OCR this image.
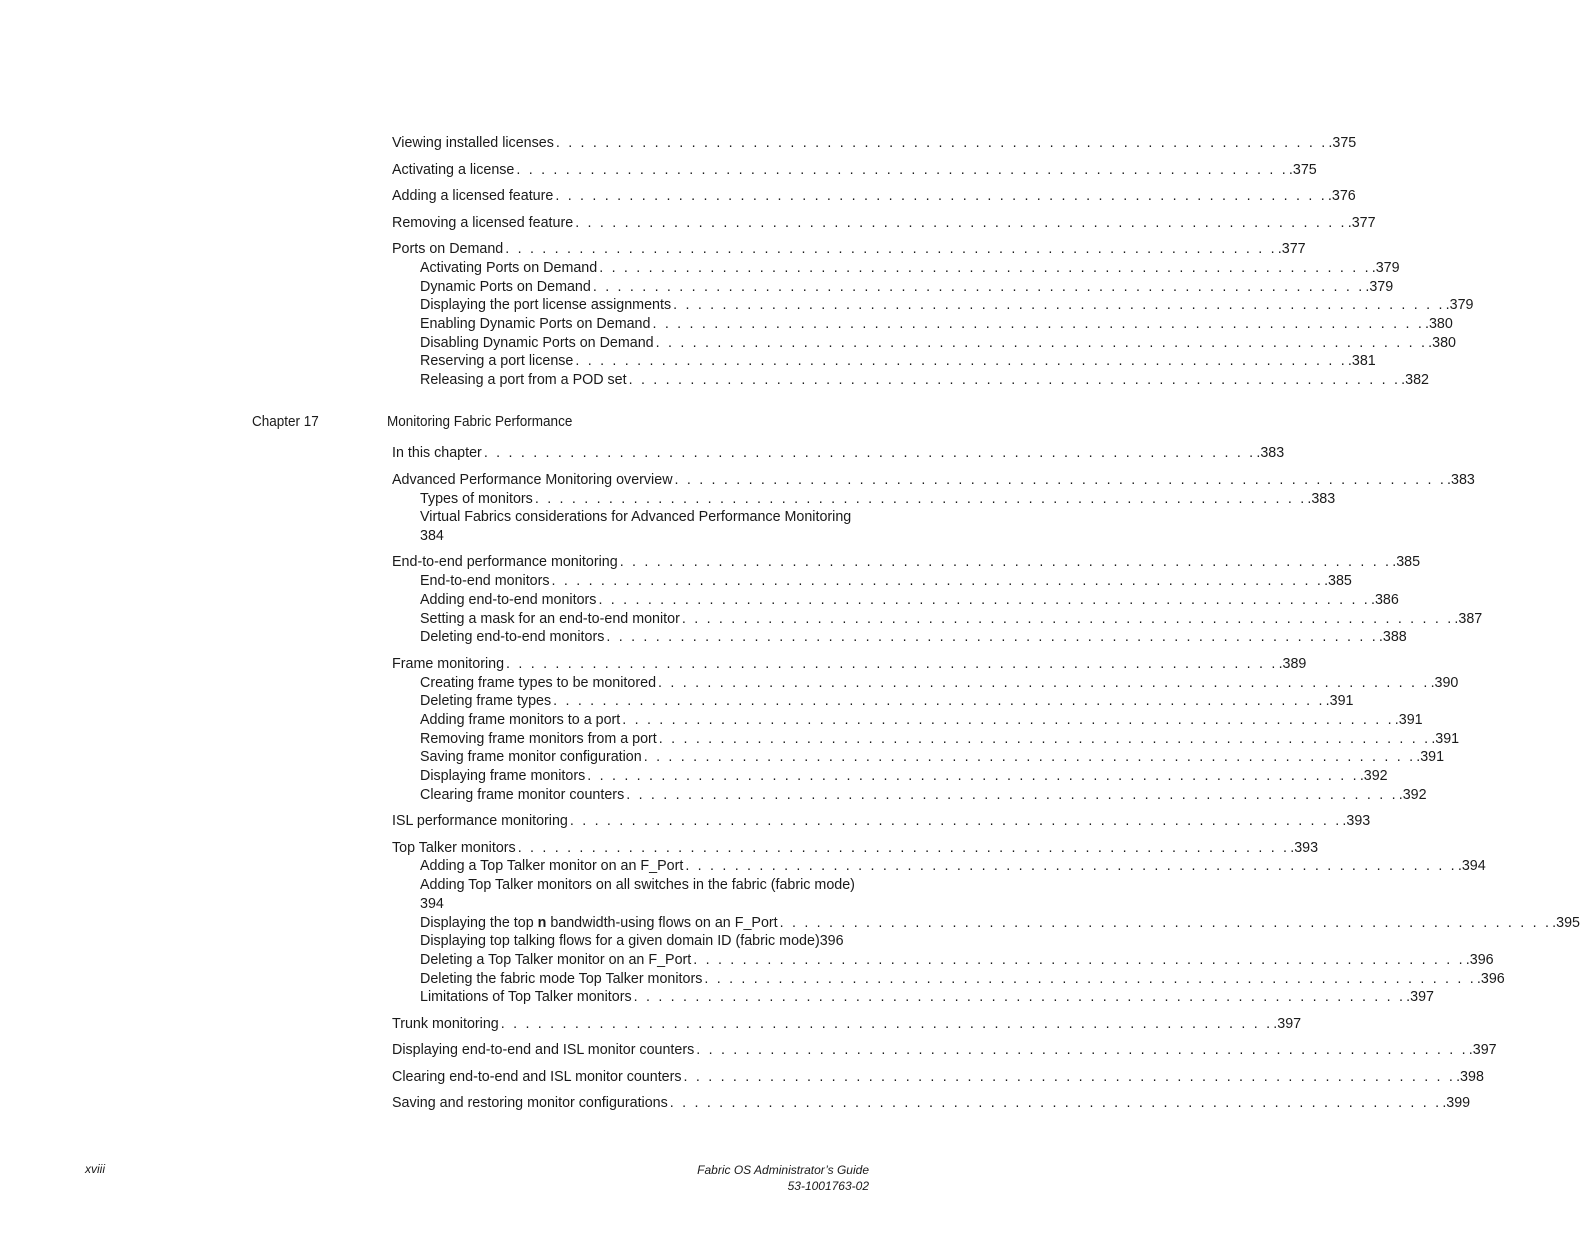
Viewing installed licenses . . . . . . . . . . . . . . . . . . . . . . . . . . . . . . . . . . . . . . . . . . . . . . . . . . . . . . . . . . . . . . . .375
Activating a license . . . . . . . . . . . . . . . . . . . . . . . . . . . . . . . . . . . . . . . . . . . . . . . . . . . . . . . . . . . . . . . .375
Adding a licensed feature . . . . . . . . . . . . . . . . . . . . . . . . . . . . . . . . . . . . . . . . . . . . . . . . . . . . . . . . . . . . . . . .376
Removing a licensed feature . . . . . . . . . . . . . . . . . . . . . . . . . . . . . . . . . . . . . . . . . . . . . . . . . . . . . . . . . . . . . . . .377
Ports on Demand . . . . . . . . . . . . . . . . . . . . . . . . . . . . . . . . . . . . . . . . . . . . . . . . . . . . . . . . . . . . . . . .377
Activating Ports on Demand . . . . . . . . . . . . . . . . . . . . . . . . . . . . . . . . . . . . . . . . . . . . . . . . . . . . . . . . . . . . . . . .379
Dynamic Ports on Demand . . . . . . . . . . . . . . . . . . . . . . . . . . . . . . . . . . . . . . . . . . . . . . . . . . . . . . . . . . . . . . . .379
Displaying the port license assignments . . . . . . . . . . . . . . . . . . . . . . . . . . . . . . . . . . . . . . . . . . . . . . . . . . . . . . . . . . . . . . . .379
Enabling Dynamic Ports on Demand . . . . . . . . . . . . . . . . . . . . . . . . . . . . . . . . . . . . . . . . . . . . . . . . . . . . . . . . . . . . . . . .380
Disabling Dynamic Ports on Demand . . . . . . . . . . . . . . . . . . . . . . . . . . . . . . . . . . . . . . . . . . . . . . . . . . . . . . . . . . . . . . . .380
Reserving a port license . . . . . . . . . . . . . . . . . . . . . . . . . . . . . . . . . . . . . . . . . . . . . . . . . . . . . . . . . . . . . . . .381
Releasing a port from a POD set . . . . . . . . . . . . . . . . . . . . . . . . . . . . . . . . . . . . . . . . . . . . . . . . . . . . . . . . . . . . . . . .382
Chapter 17	Monitoring Fabric Performance
In this chapter . . . . . . . . . . . . . . . . . . . . . . . . . . . . . . . . . . . . . . . . . . . . . . . . . . . . . . . . . . . . . . . .383
Advanced Performance Monitoring overview . . . . . . . . . . . . . . . . . . . . . . . . . . . . . . . . . . . . . . . . . . . . . . . . . . . . . . . . . . . . . . . .383
Types of monitors . . . . . . . . . . . . . . . . . . . . . . . . . . . . . . . . . . . . . . . . . . . . . . . . . . . . . . . . . . . . . . . .383
Virtual Fabrics considerations for Advanced Performance Monitoring
384
End-to-end performance monitoring . . . . . . . . . . . . . . . . . . . . . . . . . . . . . . . . . . . . . . . . . . . . . . . . . . . . . . . . . . . . . . . .385
End-to-end monitors . . . . . . . . . . . . . . . . . . . . . . . . . . . . . . . . . . . . . . . . . . . . . . . . . . . . . . . . . . . . . . . .385
Adding end-to-end monitors . . . . . . . . . . . . . . . . . . . . . . . . . . . . . . . . . . . . . . . . . . . . . . . . . . . . . . . . . . . . . . . .386
Setting a mask for an end-to-end monitor . . . . . . . . . . . . . . . . . . . . . . . . . . . . . . . . . . . . . . . . . . . . . . . . . . . . . . . . . . . . . . . .387
Deleting end-to-end monitors . . . . . . . . . . . . . . . . . . . . . . . . . . . . . . . . . . . . . . . . . . . . . . . . . . . . . . . . . . . . . . . .388
Frame monitoring . . . . . . . . . . . . . . . . . . . . . . . . . . . . . . . . . . . . . . . . . . . . . . . . . . . . . . . . . . . . . . . .389
Creating frame types to be monitored . . . . . . . . . . . . . . . . . . . . . . . . . . . . . . . . . . . . . . . . . . . . . . . . . . . . . . . . . . . . . . . .390
Deleting frame types . . . . . . . . . . . . . . . . . . . . . . . . . . . . . . . . . . . . . . . . . . . . . . . . . . . . . . . . . . . . . . . .391
Adding frame monitors to a port . . . . . . . . . . . . . . . . . . . . . . . . . . . . . . . . . . . . . . . . . . . . . . . . . . . . . . . . . . . . . . . .391
Removing frame monitors from a port . . . . . . . . . . . . . . . . . . . . . . . . . . . . . . . . . . . . . . . . . . . . . . . . . . . . . . . . . . . . . . . .391
Saving frame monitor configuration . . . . . . . . . . . . . . . . . . . . . . . . . . . . . . . . . . . . . . . . . . . . . . . . . . . . . . . . . . . . . . . .391
Displaying frame monitors . . . . . . . . . . . . . . . . . . . . . . . . . . . . . . . . . . . . . . . . . . . . . . . . . . . . . . . . . . . . . . . .392
Clearing frame monitor counters . . . . . . . . . . . . . . . . . . . . . . . . . . . . . . . . . . . . . . . . . . . . . . . . . . . . . . . . . . . . . . . .392
ISL performance monitoring . . . . . . . . . . . . . . . . . . . . . . . . . . . . . . . . . . . . . . . . . . . . . . . . . . . . . . . . . . . . . . . .393
Top Talker monitors . . . . . . . . . . . . . . . . . . . . . . . . . . . . . . . . . . . . . . . . . . . . . . . . . . . . . . . . . . . . . . . .393
Adding a Top Talker monitor on an F_Port . . . . . . . . . . . . . . . . . . . . . . . . . . . . . . . . . . . . . . . . . . . . . . . . . . . . . . . . . . . . . . . .394
Adding Top Talker monitors on all switches in the fabric (fabric mode)
394
Displaying the top n bandwidth-using flows on an F_Port . . . . . . . . . . . . . . . . . . . . . . . . . . . . . . . . . . . . . . . . . . . . . . . . . . . . . . . . . . . . . . . .395
Displaying top talking flows for a given domain ID (fabric mode)396
Deleting a Top Talker monitor on an F_Port . . . . . . . . . . . . . . . . . . . . . . . . . . . . . . . . . . . . . . . . . . . . . . . . . . . . . . . . . . . . . . . .396
Deleting the fabric mode Top Talker monitors . . . . . . . . . . . . . . . . . . . . . . . . . . . . . . . . . . . . . . . . . . . . . . . . . . . . . . . . . . . . . . . .396
Limitations of Top Talker monitors . . . . . . . . . . . . . . . . . . . . . . . . . . . . . . . . . . . . . . . . . . . . . . . . . . . . . . . . . . . . . . . .397
Trunk monitoring . . . . . . . . . . . . . . . . . . . . . . . . . . . . . . . . . . . . . . . . . . . . . . . . . . . . . . . . . . . . . . . .397
Displaying end-to-end and ISL monitor counters . . . . . . . . . . . . . . . . . . . . . . . . . . . . . . . . . . . . . . . . . . . . . . . . . . . . . . . . . . . . . . . .397
Clearing end-to-end and ISL monitor counters . . . . . . . . . . . . . . . . . . . . . . . . . . . . . . . . . . . . . . . . . . . . . . . . . . . . . . . . . . . . . . . .398
Saving and restoring monitor configurations . . . . . . . . . . . . . . . . . . . . . . . . . . . . . . . . . . . . . . . . . . . . . . . . . . . . . . . . . . . . . . . .399
xviii	Fabric OS Administrator’s Guide
53-1001763-02
